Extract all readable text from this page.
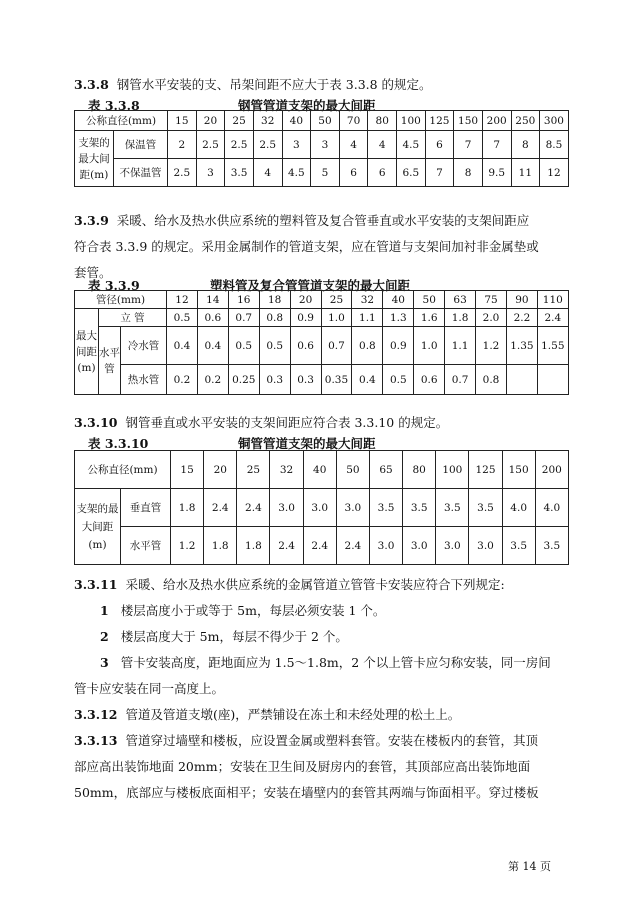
3.3.8 钢管水平安装的支、吊架间距不应大于表 3.3.8 的规定。
表 3.3.8	钢管管道支架的最大间距
公称直径(mm)		15	20	25	32	40	50	70	80	100	125	150	200	250	300
支架的最大间距(m)	保温管	2	2.5	2.5	2.5	3	3	4	4	4.5	6	7	7	8	8.5
	不保温管	2.5	3	3.5	4	4.5	5	6	6	6.5	7	8	9.5	11	12
3.3.9 采暖、给水及热水供应系统的塑料管及复合管垂直或水平安装的支架间距应
符合表 3.3.9 的规定。采用金属制作的管道支架，应在管道与支架间加衬非金属垫或
套管。
表 3.3.9	塑料管及复合管管道支架的最大间距
管径(mm)			12	14	16	18	20	25	32	40	50	63	75	90	110
最大间距(m)	立 管		0.5	0.6	0.7	0.8	0.9	1.0	1.1	1.3	1.6	1.8	2.0	2.2	2.4
	水平管	冷水管	0.4	0.4	0.5	0.5	0.6	0.7	0.8	0.9	1.0	1.1	1.2	1.35	1.55
		热水管	0.2	0.2	0.25	0.3	0.3	0.35	0.4	0.5	0.6	0.7	0.8		
3.3.10 钢管垂直或水平安装的支架间距应符合表 3.3.10 的规定。
表 3.3.10	铜管管道支架的最大间距
公称直径(mm)		15	20	25	32	40	50	65	80	100	125	150	200
支架的最大间距(m)	垂直管	1.8	2.4	2.4	3.0	3.0	3.0	3.5	3.5	3.5	3.5	4.0	4.0
	水平管	1.2	1.8	1.8	2.4	2.4	2.4	3.0	3.0	3.0	3.0	3.5	3.5
3.3.11 采暖、给水及热水供应系统的金属管道立管管卡安装应符合下列规定:
1 楼层高度小于或等于 5m，每层必须安装 1 个。
2 楼层高度大于 5m，每层不得少于 2 个。
3 管卡安装高度，距地面应为 1.5～1.8m，2 个以上管卡应匀称安装，同一房间
管卡应安装在同一高度上。
3.3.12 管道及管道支墩(座)，严禁铺设在冻土和未经处理的松土上。
3.3.13 管道穿过墙壁和楼板，应设置金属或塑料套管。安装在楼板内的套管，其顶
部应高出装饰地面 20mm；安装在卫生间及厨房内的套管，其顶部应高出装饰地面
50mm，底部应与楼板底面相平；安装在墙壁内的套管其两端与饰面相平。穿过楼板
第 14 页
